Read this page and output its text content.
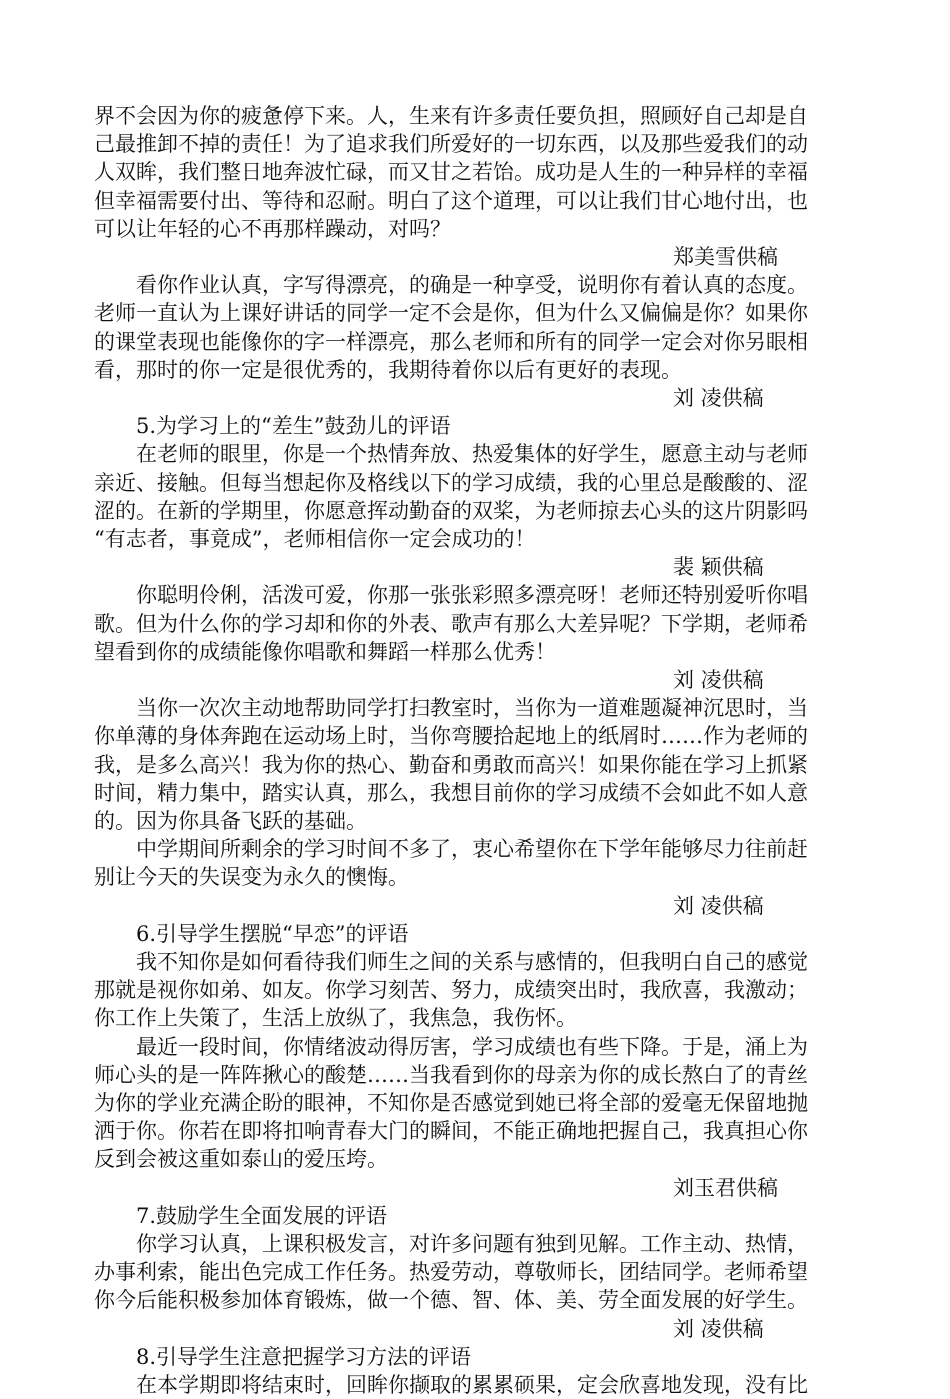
界不会因为你的疲惫停下来。人，生来有许多责任要负担，照顾好自己却是自
己最推卸不掉的责任！为了追求我们所爱好的一切东西，以及那些爱我们的动
人双眸，我们整日地奔波忙碌，而又甘之若饴。成功是人生的一种异样的幸福
但幸福需要付出、等待和忍耐。明白了这个道理，可以让我们甘心地付出，也
可以让年轻的心不再那样躁动，对吗？
郑美雪供稿
看你作业认真，字写得漂亮，的确是一种享受，说明你有着认真的态度。
老师一直认为上课好讲话的同学一定不会是你，但为什么又偏偏是你？如果你
的课堂表现也能像你的字一样漂亮，那么老师和所有的同学一定会对你另眼相
看，那时的你一定是很优秀的，我期待着你以后有更好的表现。
刘 凌供稿
5.为学习上的“差生”鼓劲儿的评语
在老师的眼里，你是一个热情奔放、热爱集体的好学生，愿意主动与老师
亲近、接触。但每当想起你及格线以下的学习成绩，我的心里总是酸酸的、涩
涩的。在新的学期里，你愿意挥动勤奋的双桨，为老师掠去心头的这片阴影吗
“有志者，事竟成”，老师相信你一定会成功的！
裴 颖供稿
你聪明伶俐，活泼可爱，你那一张张彩照多漂亮呀！老师还特别爱听你唱
歌。但为什么你的学习却和你的外表、歌声有那么大差异呢？下学期，老师希
望看到你的成绩能像你唱歌和舞蹈一样那么优秀！
刘 凌供稿
当你一次次主动地帮助同学打扫教室时，当你为一道难题凝神沉思时，当
你单薄的身体奔跑在运动场上时，当你弯腰拾起地上的纸屑时……作为老师的
我，是多么高兴！我为你的热心、勤奋和勇敢而高兴！如果你能在学习上抓紧
时间，精力集中，踏实认真，那么，我想目前你的学习成绩不会如此不如人意
的。因为你具备飞跃的基础。
中学期间所剩余的学习时间不多了，衷心希望你在下学年能够尽力往前赶
别让今天的失误变为永久的懊悔。
刘 凌供稿
6.引导学生摆脱“早恋”的评语
我不知你是如何看待我们师生之间的关系与感情的，但我明白自己的感觉
那就是视你如弟、如友。你学习刻苦、努力，成绩突出时，我欣喜，我激动；
你工作上失策了，生活上放纵了，我焦急，我伤怀。
最近一段时间，你情绪波动得厉害，学习成绩也有些下降。于是，涌上为
师心头的是一阵阵揪心的酸楚……当我看到你的母亲为你的成长熬白了的青丝
为你的学业充满企盼的眼神，不知你是否感觉到她已将全部的爱毫无保留地抛
洒于你。你若在即将扣响青春大门的瞬间，不能正确地把握自己，我真担心你
反到会被这重如泰山的爱压垮。
刘玉君供稿
7.鼓励学生全面发展的评语
你学习认真，上课积极发言，对许多问题有独到见解。工作主动、热情，
办事利索，能出色完成工作任务。热爱劳动，尊敬师长，团结同学。老师希望
你今后能积极参加体育锻炼，做一个德、智、体、美、劳全面发展的好学生。
刘 凌供稿
8.引导学生注意把握学习方法的评语
在本学期即将结束时，回眸你撷取的累累硕果，定会欣喜地发现，没有比
